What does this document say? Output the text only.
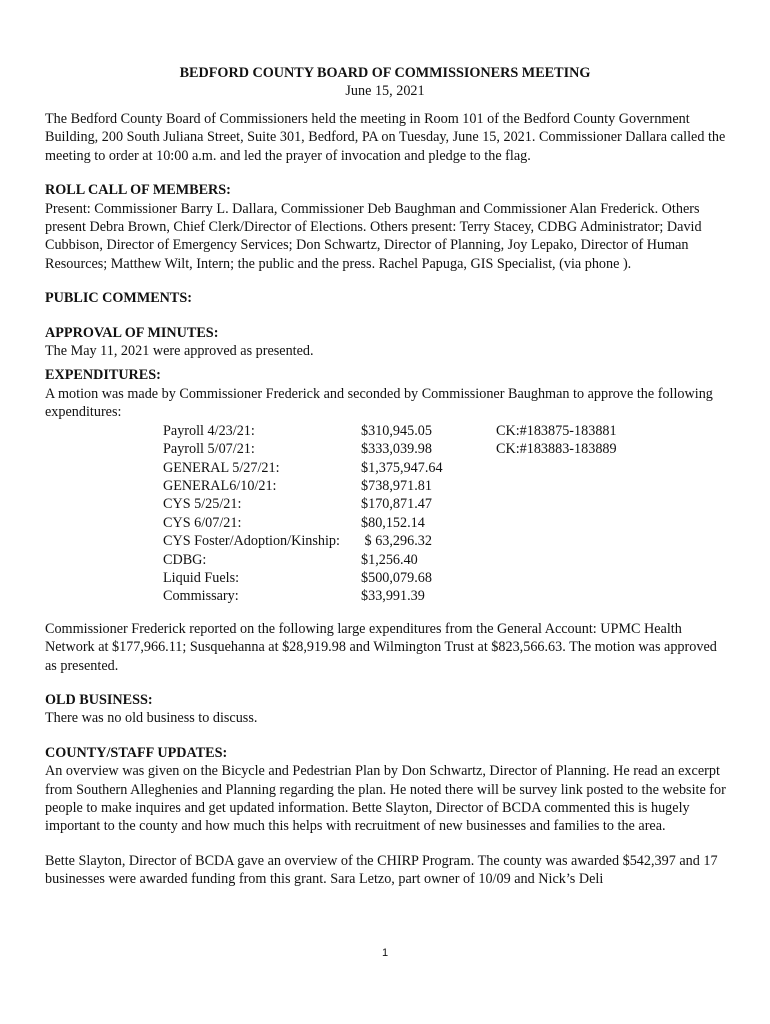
BEDFORD COUNTY BOARD OF COMMISSIONERS MEETING

June 15, 2021

The Bedford County Board of Commissioners held the meeting in Room 101 of the Bedford County Government Building, 200 South Juliana Street, Suite 301, Bedford, PA on Tuesday, June 15, 2021. Commissioner Dallara called the meeting to order at 10:00 a.m. and led the prayer of invocation and pledge to the flag.

ROLL CALL OF MEMBERS:

Present: Commissioner Barry L. Dallara, Commissioner Deb Baughman and Commissioner Alan Frederick. Others present Debra Brown, Chief Clerk/Director of Elections. Others present: Terry Stacey, CDBG Administrator; David Cubbison, Director of Emergency Services; Don Schwartz, Director of Planning, Joy Lepako, Director of Human Resources; Matthew Wilt, Intern; the public and the press. Rachel Papuga, GIS Specialist, (via phone ).

PUBLIC COMMENTS:

APPROVAL OF MINUTES:

The May 11, 2021 were approved as presented.

EXPENDITURES:

A motion was made by Commissioner Frederick and seconded by Commissioner Baughman to approve the following expenditures:

Payroll 4/23/21:	$310,945.05	CK:#183875-183881
Payroll 5/07/21:	$333,039.98	CK:#183883-183889
GENERAL 5/27/21:	$1,375,947.64	
GENERAL6/10/21:	$738,971.81	
CYS 5/25/21:	$170,871.47	
CYS 6/07/21:	$80,152.14	
CYS Foster/Adoption/Kinship:	$ 63,296.32	
CDBG:	$1,256.40	
Liquid Fuels:	$500,079.68	
Commissary:	$33,991.39	

Commissioner Frederick reported on the following large expenditures from the General Account: UPMC Health Network at $177,966.11; Susquehanna at $28,919.98 and Wilmington Trust at $823,566.63. The motion was approved as presented.

OLD BUSINESS:

There was no old business to discuss.

COUNTY/STAFF UPDATES:

An overview was given on the Bicycle and Pedestrian Plan by Don Schwartz, Director of Planning. He read an excerpt from Southern Alleghenies and Planning regarding the plan. He noted there will be survey link posted to the website for people to make inquires and get updated information. Bette Slayton, Director of BCDA commented this is hugely important to the county and how much this helps with recruitment of new businesses and families to the area.

Bette Slayton, Director of BCDA gave an overview of the CHIRP Program. The county was awarded $542,397 and 17 businesses were awarded funding from this grant. Sara Letzo, part owner of 10/09 and Nick’s Deli

1
